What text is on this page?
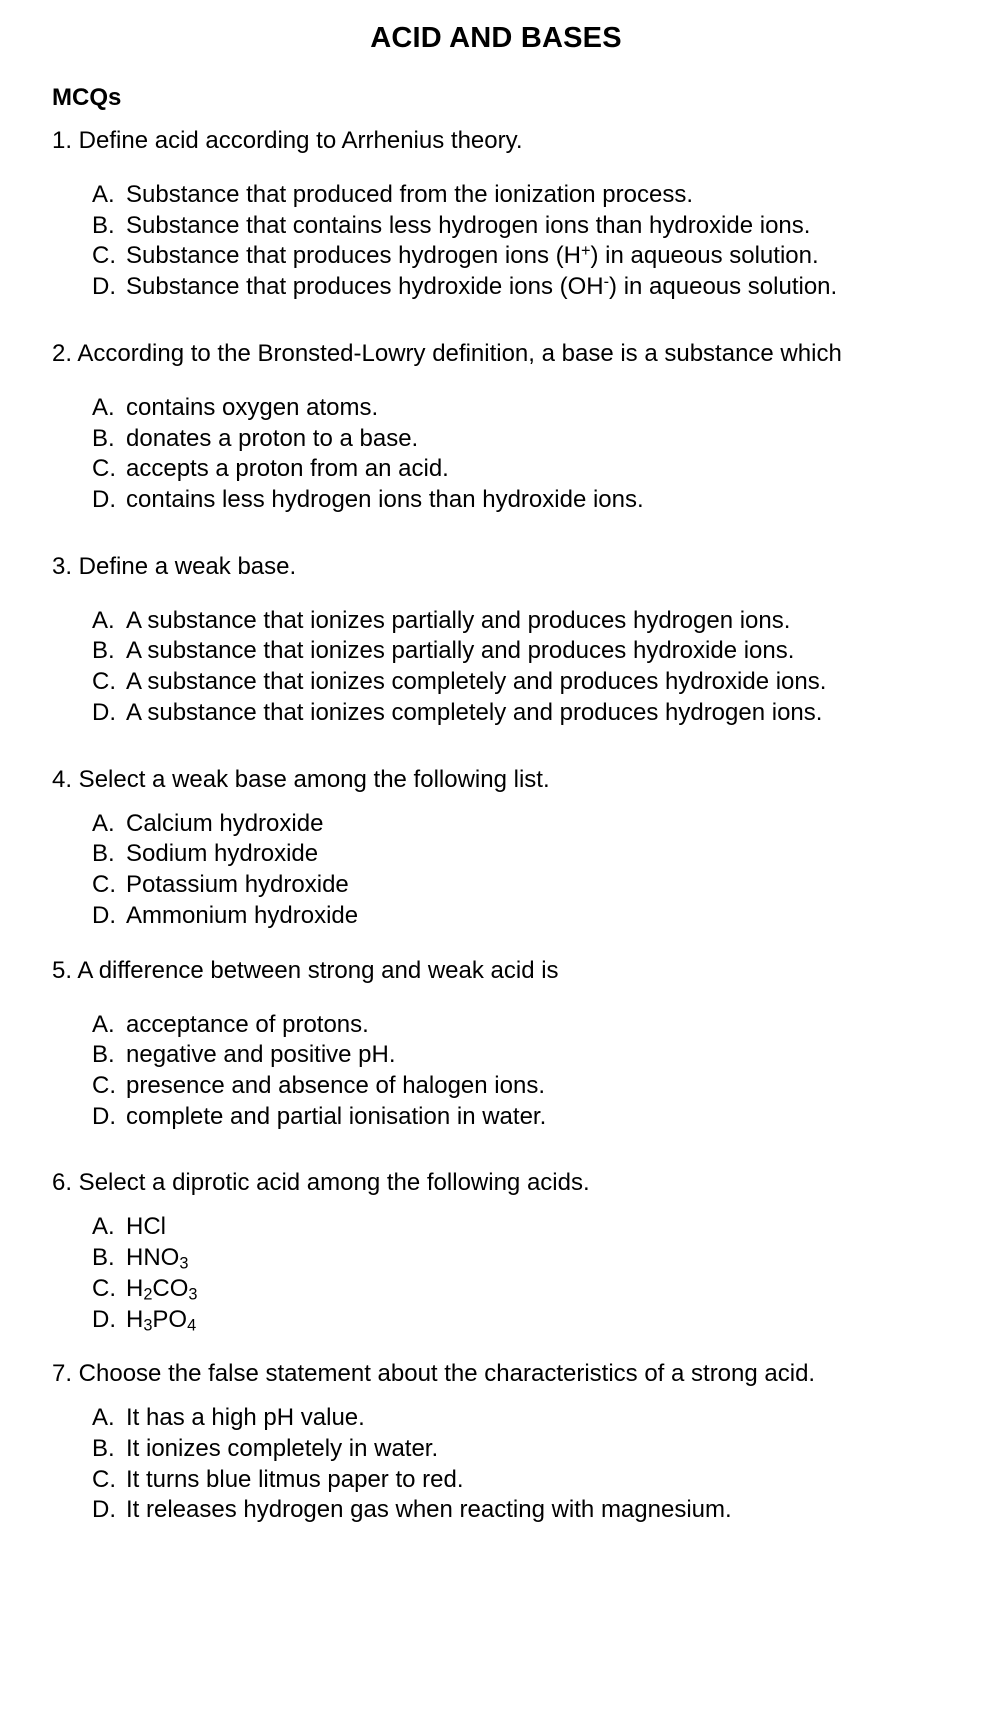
ACID AND BASES
MCQs
1. Define acid according to Arrhenius theory.
A. Substance that produced from the ionization process.
B. Substance that contains less hydrogen ions than hydroxide ions.
C. Substance that produces hydrogen ions (H+) in aqueous solution.
D. Substance that produces hydroxide ions (OH-) in aqueous solution.
2. According to the Bronsted-Lowry definition, a base is a substance which
A. contains oxygen atoms.
B. donates a proton to a base.
C. accepts a proton from an acid.
D. contains less hydrogen ions than hydroxide ions.
3. Define a weak base.
A. A substance that ionizes partially and produces hydrogen ions.
B. A substance that ionizes partially and produces hydroxide ions.
C. A substance that ionizes completely and produces hydroxide ions.
D. A substance that ionizes completely and produces hydrogen ions.
4. Select a weak base among the following list.
A. Calcium hydroxide
B. Sodium hydroxide
C. Potassium hydroxide
D. Ammonium hydroxide
5. A difference between strong and weak acid is
A. acceptance of protons.
B. negative and positive pH.
C. presence and absence of halogen ions.
D. complete and partial ionisation in water.
6. Select a diprotic acid among the following acids.
A. HCl
B. $HNO_3$
C. $H_2CO_3$
D. $H_3PO_4$
7. Choose the false statement about the characteristics of a strong acid.
A. It has a high pH value.
B. It ionizes completely in water.
C. It turns blue litmus paper to red.
D. It releases hydrogen gas when reacting with magnesium.
